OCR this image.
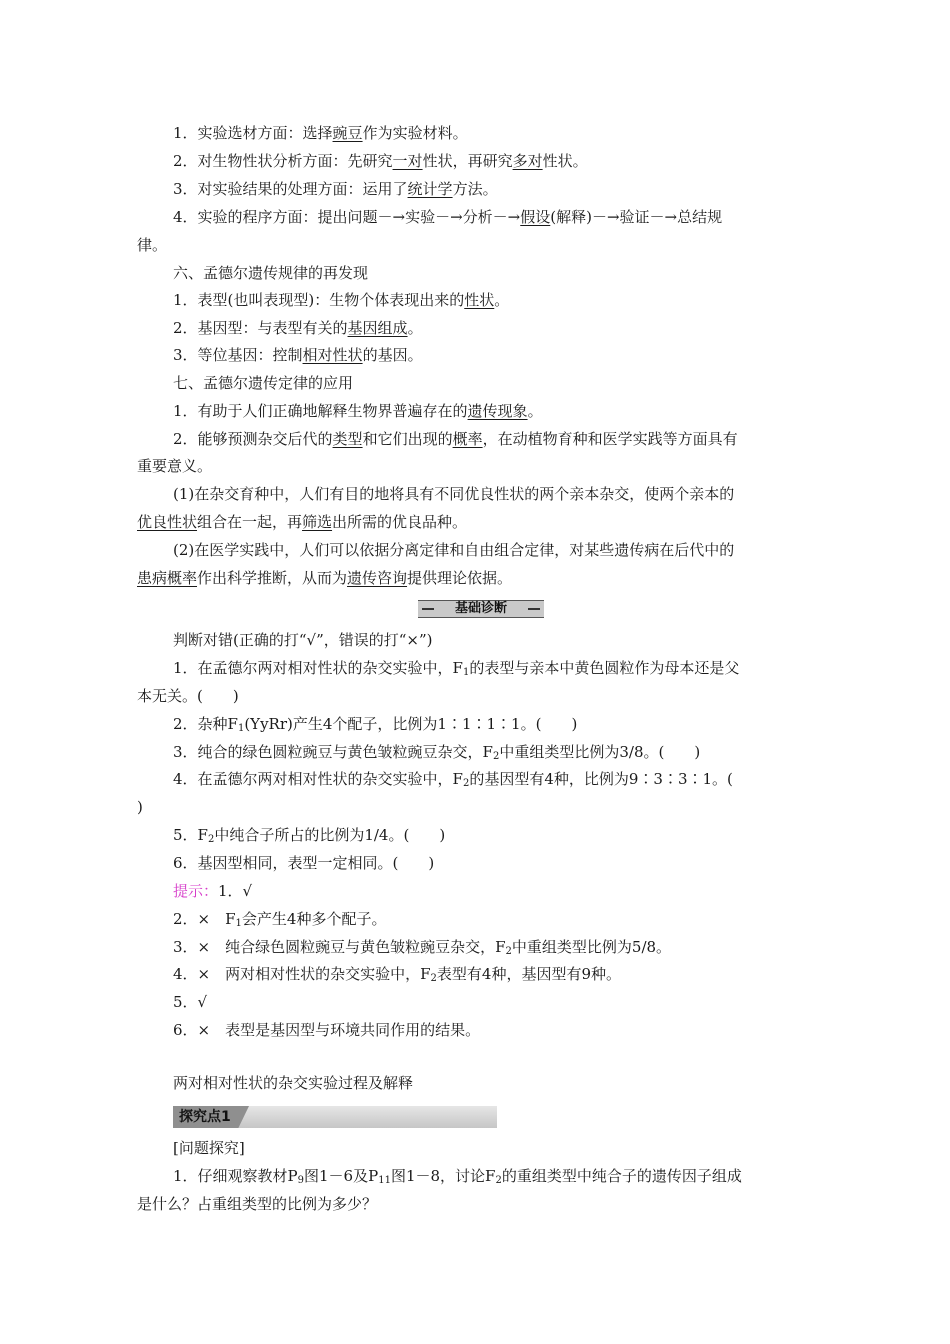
1．实验选材方面：选择豌豆作为实验材料。
2．对生物性状分析方面：先研究一对性状，再研究多对性状。
3．对实验结果的处理方面：运用了统计学方法。
4．实验的程序方面：提出问题－→实验－→分析－→假设(解释)－→验证－→总结规
律。
六、孟德尔遗传规律的再发现
1．表型(也叫表现型)：生物个体表现出来的性状。
2．基因型：与表型有关的基因组成。
3．等位基因：控制相对性状的基因。
七、孟德尔遗传定律的应用
1．有助于人们正确地解释生物界普遍存在的遗传现象。
2．能够预测杂交后代的类型和它们出现的概率，在动植物育种和医学实践等方面具有
重要意义。
(1)在杂交育种中，人们有目的地将具有不同优良性状的两个亲本杂交，使两个亲本的
优良性状组合在一起，再筛选出所需的优良品种。
(2)在医学实践中，人们可以依据分离定律和自由组合定律，对某些遗传病在后代中的
患病概率作出科学推断，从而为遗传咨询提供理论依据。
基础诊断
判断对错(正确的打“√”，错误的打“×”)
1．在孟德尔两对相对性状的杂交实验中，$F_1$的表型与亲本中黄色圆粒作为母本还是父
本无关。(　　)
2．杂种$F_1(YyRr)$产生4个配子，比例为1∶1∶1∶1。(　　)
3．纯合的绿色圆粒豌豆与黄色皱粒豌豆杂交，$F_2$中重组类型比例为3/8。(　　)
4．在孟德尔两对相对性状的杂交实验中，$F_2$的基因型有4种，比例为9∶3∶3∶1。(
)
5．$F_2$中纯合子所占的比例为1/4。(　　)
6．基因型相同，表型一定相同。(　　)
提示：1．√
2．×　$F_1$会产生4种多个配子。
3．×　纯合绿色圆粒豌豆与黄色皱粒豌豆杂交，$F_2$中重组类型比例为5/8。
4．×　两对相对性状的杂交实验中，$F_2$表型有4种，基因型有9种。
5．√
6．×　表型是基因型与环境共同作用的结果。
两对相对性状的杂交实验过程及解释
探究点1
[问题探究]
1．仔细观察教材$P_9$图1－6及$P_{11}$图1－8，讨论$F_2$的重组类型中纯合子的遗传因子组成
是什么？占重组类型的比例为多少？
